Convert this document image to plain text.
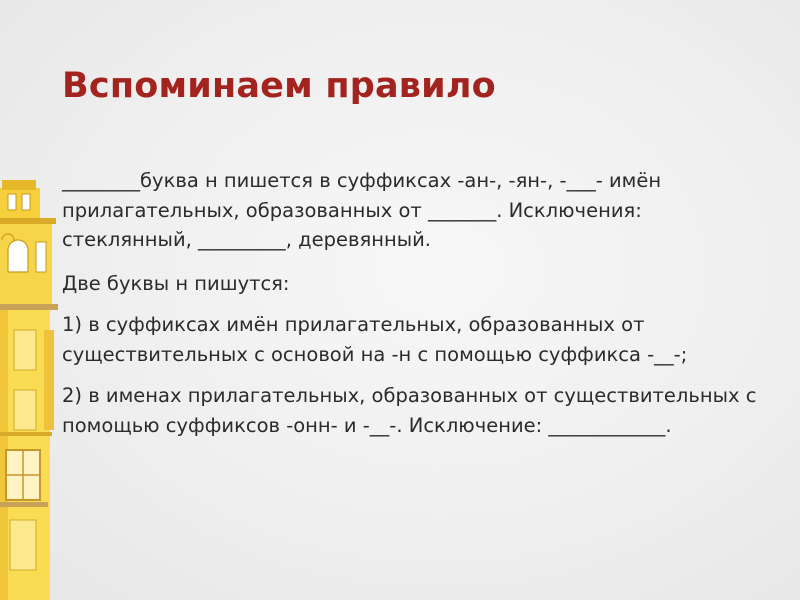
Вспоминаем правило

________буква н пишется в суффиксах -ан-, -ян-, -___- имён прилагательных, образованных от _______. Исключения: стеклянный, _________, деревянный.

Две буквы н пишутся:

1) в суффиксах имён прилагательных, образованных от существительных с основой на -н с помощью суффикса -__-;

2) в именах прилагательных, образованных от существительных с помощью суффиксов -онн- и -__-. Исключение: ____________.
